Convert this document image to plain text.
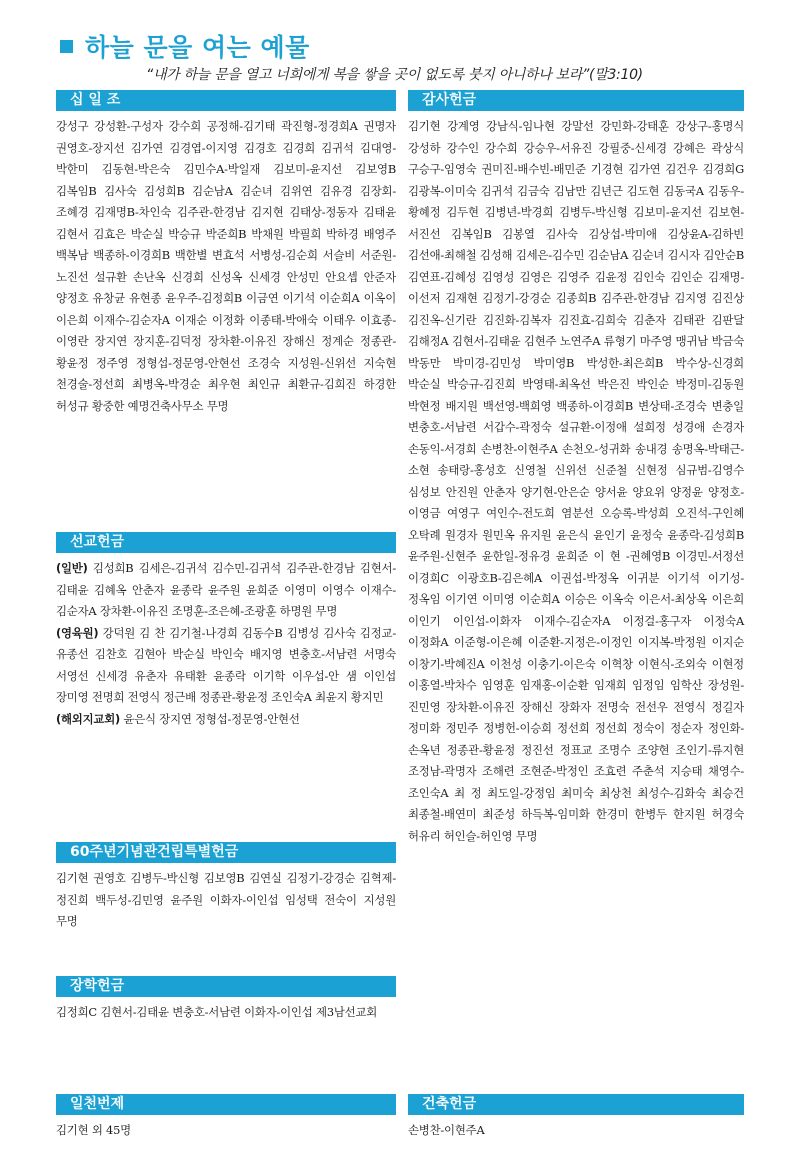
하늘 문을 여는 예물
“내가 하늘 문을 열고 너희에게 복을 쌓을 곳이 없도록 붓지 아니하나 보라”(말3:10)
십 일 조
강성구 강성환-구성자 강수희 공정해-김기태 곽진형-정경희A 권명자 권영호-장지선 김가연 김경엽-이지영 김경호 김경희 김귀석 김대영-박한미 김동현-박은숙 김민수A-박일재 김보미-윤지선 김보영B 김복임B 김사숙 김성희B 김순남A 김순녀 김위연 김유경 김장회-조혜경 김재명B-차인숙 김주관-한경남 김지현 김태상-정동자 김태윤 김현서 김효은 박순실 박승규 박준희B 박채원 박필희 박하경 배영주 백복남 백종하-이경희B 백한별 변효석 서병성-김순희 서슬비 서준원-노진선 설규환 손난옥 신경희 신성옥 신세경 안성민 안요셉 안준자 양정호 유창균 유현종 윤우주-김정희B 이금연 이기석 이순희A 이옥이 이은희 이재수-김순자A 이재순 이정화 이종태-박애숙 이태우 이효종-이영란 장지연 장지훈-김덕정 장차환-이유진 장해신 정계순 정종관-황윤정 정주영 정형섭-정문영-안현선 조경숙 지성원-신위선 지숙현 천경술-정선희 최병옥-박경순 최우현 최인규 최환규-김희진 하경한 허성규 황중한 예명건축사무소 무명
선교헌금
(일반) 김성희B 김세은-김귀석 김수민-김귀석 김주관-한경남 김현서-김태윤 김혜옥 안춘자 윤종락 윤주원 윤희준 이영미 이영수 이재수-김순자A 장차환-이유진 조명훈-조은혜-조광훈 하명원 무명
(영육원) 강덕원 김 찬 김기철-나경희 김동수B 김병성 김사숙 김정교-유종선 김찬호 김현아 박순실 박인숙 배지영 변충호-서남련 서명숙 서영선 신세경 유춘자 유태환 윤종락 이기학 이우섭-안 샘 이인섭 장미영 전명희 전영식 정근배 정종관-황윤정 조인숙A 최윤지 황지민
(해외지교회) 윤은식 장지연 정형섭-정문영-안현선
60주년기념관건립특별헌금
김기현 권영호 김병두-박신형 김보영B 김연실 김정기-강경순 김혁제-정진희 백두성-김민영 윤주원 이화자-이인섭 임성택 전숙이 지성원 무명
장학헌금
김정희C 김현서-김태윤 변충호-서남련 이화자-이인섭 제3남선교회
일천번제
김기현 외 45명
감사헌금
김기현 강계영 강남식-임나현 강말선 강민화-강태훈 강상구-홍명식 강성하 강수인 강수희 강승우-서유진 강필중-신세경 강혜은 곽상식 구승구-임영숙 권미진-배수빈-배민준 기경현 김가연 김건우 김경희G 김광복-이미숙 김귀석 김금숙 김남만 김년근 김도현 김동국A 김동우-황혜정 김두현 김병년-박경희 김병두-박신형 김보미-윤지선 김보현-서진선 김복임B 김봉열 김사숙 김상섭-박미애 김상윤A-김하빈 김선애-최해철 김성해 김세은-김수민 김순남A 김순녀 김시자 김안순B 김연표-김혜성 김영성 김영은 김영주 김윤정 김인숙 김인순 김재명-이선저 김재현 김정기-강경순 김종희B 김주관-한경남 김지영 김진상 김진옥-신기란 김진화-김복자 김진효-김희숙 김춘자 김태관 김판달 김해정A 김현서-김태윤 김현주 노연주A 류형기 마주영 맹귀남 박금숙 박동만 박미경-김민성 박미영B 박성한-최은희B 박수상-신경희 박순실 박승규-김진희 박영태-최옥선 박은진 박인순 박정미-김동원 박현정 배지원 백선영-백희영 백종하-이경희B 변상태-조경숙 변충일 변충호-서남련 서갑수-곽정숙 설규환-이정애 설희정 성경애 손경자 손동익-서경희 손병찬-이현주A 손천오-성귀화 송내경 송명옥-박태근-소현 송태랑-홍성호 신영철 신위선 신준철 신현정 심규범-김영수 심성보 안진원 안춘자 양기현-안은순 양서윤 양요위 양정윤 양정호-이영금 여영구 여인수-전도희 염분선 오승록-박성희 오진석-구인혜 오탁례 원경자 원민옥 유지원 윤은식 윤인기 윤정숙 윤종락-김성희B 윤주원-신현주 윤한일-정유경 윤희준 이 현 -권혜영B 이경민-서정선 이경희C 이광호B-김은혜A 이권섭-박정옥 이귀분 이기석 이기성-정옥임 이기연 이미영 이순희A 이승은 이옥숙 이은서-최상옥 이은희 이인기 이인섭-이화자 이재수-김순자A 이정걸-홍구자 이정숙A 이정화A 이준형-이은혜 이준환-지정은-이정인 이지복-박정원 이지순 이창기-박혜진A 이천성 이충기-이은숙 이혁창 이현식-조외숙 이현정 이홍열-박차수 임영훈 임재홍-이순환 임재희 임정임 임학산 장성원-진민영 장차환-이유진 장해신 장화자 전명숙 전선우 전영식 정길자 정미화 정민주 정병헌-이승희 정선희 정선희 정숙이 정순자 정인화-손옥년 정종관-황윤정 정진선 정표교 조명수 조양현 조인기-류지현 조정남-곽명자 조해련 조현준-박정인 조효련 주춘석 지승태 채영수-조인숙A 최 정 최도일-강정임 최미숙 최상천 최성수-김화숙 최승건 최종철-배연미 최준성 하득복-임미화 한경미 한병두 한지원 허경숙 허유리 허인슬-허인영 무명
건축헌금
손병찬-이현주A
